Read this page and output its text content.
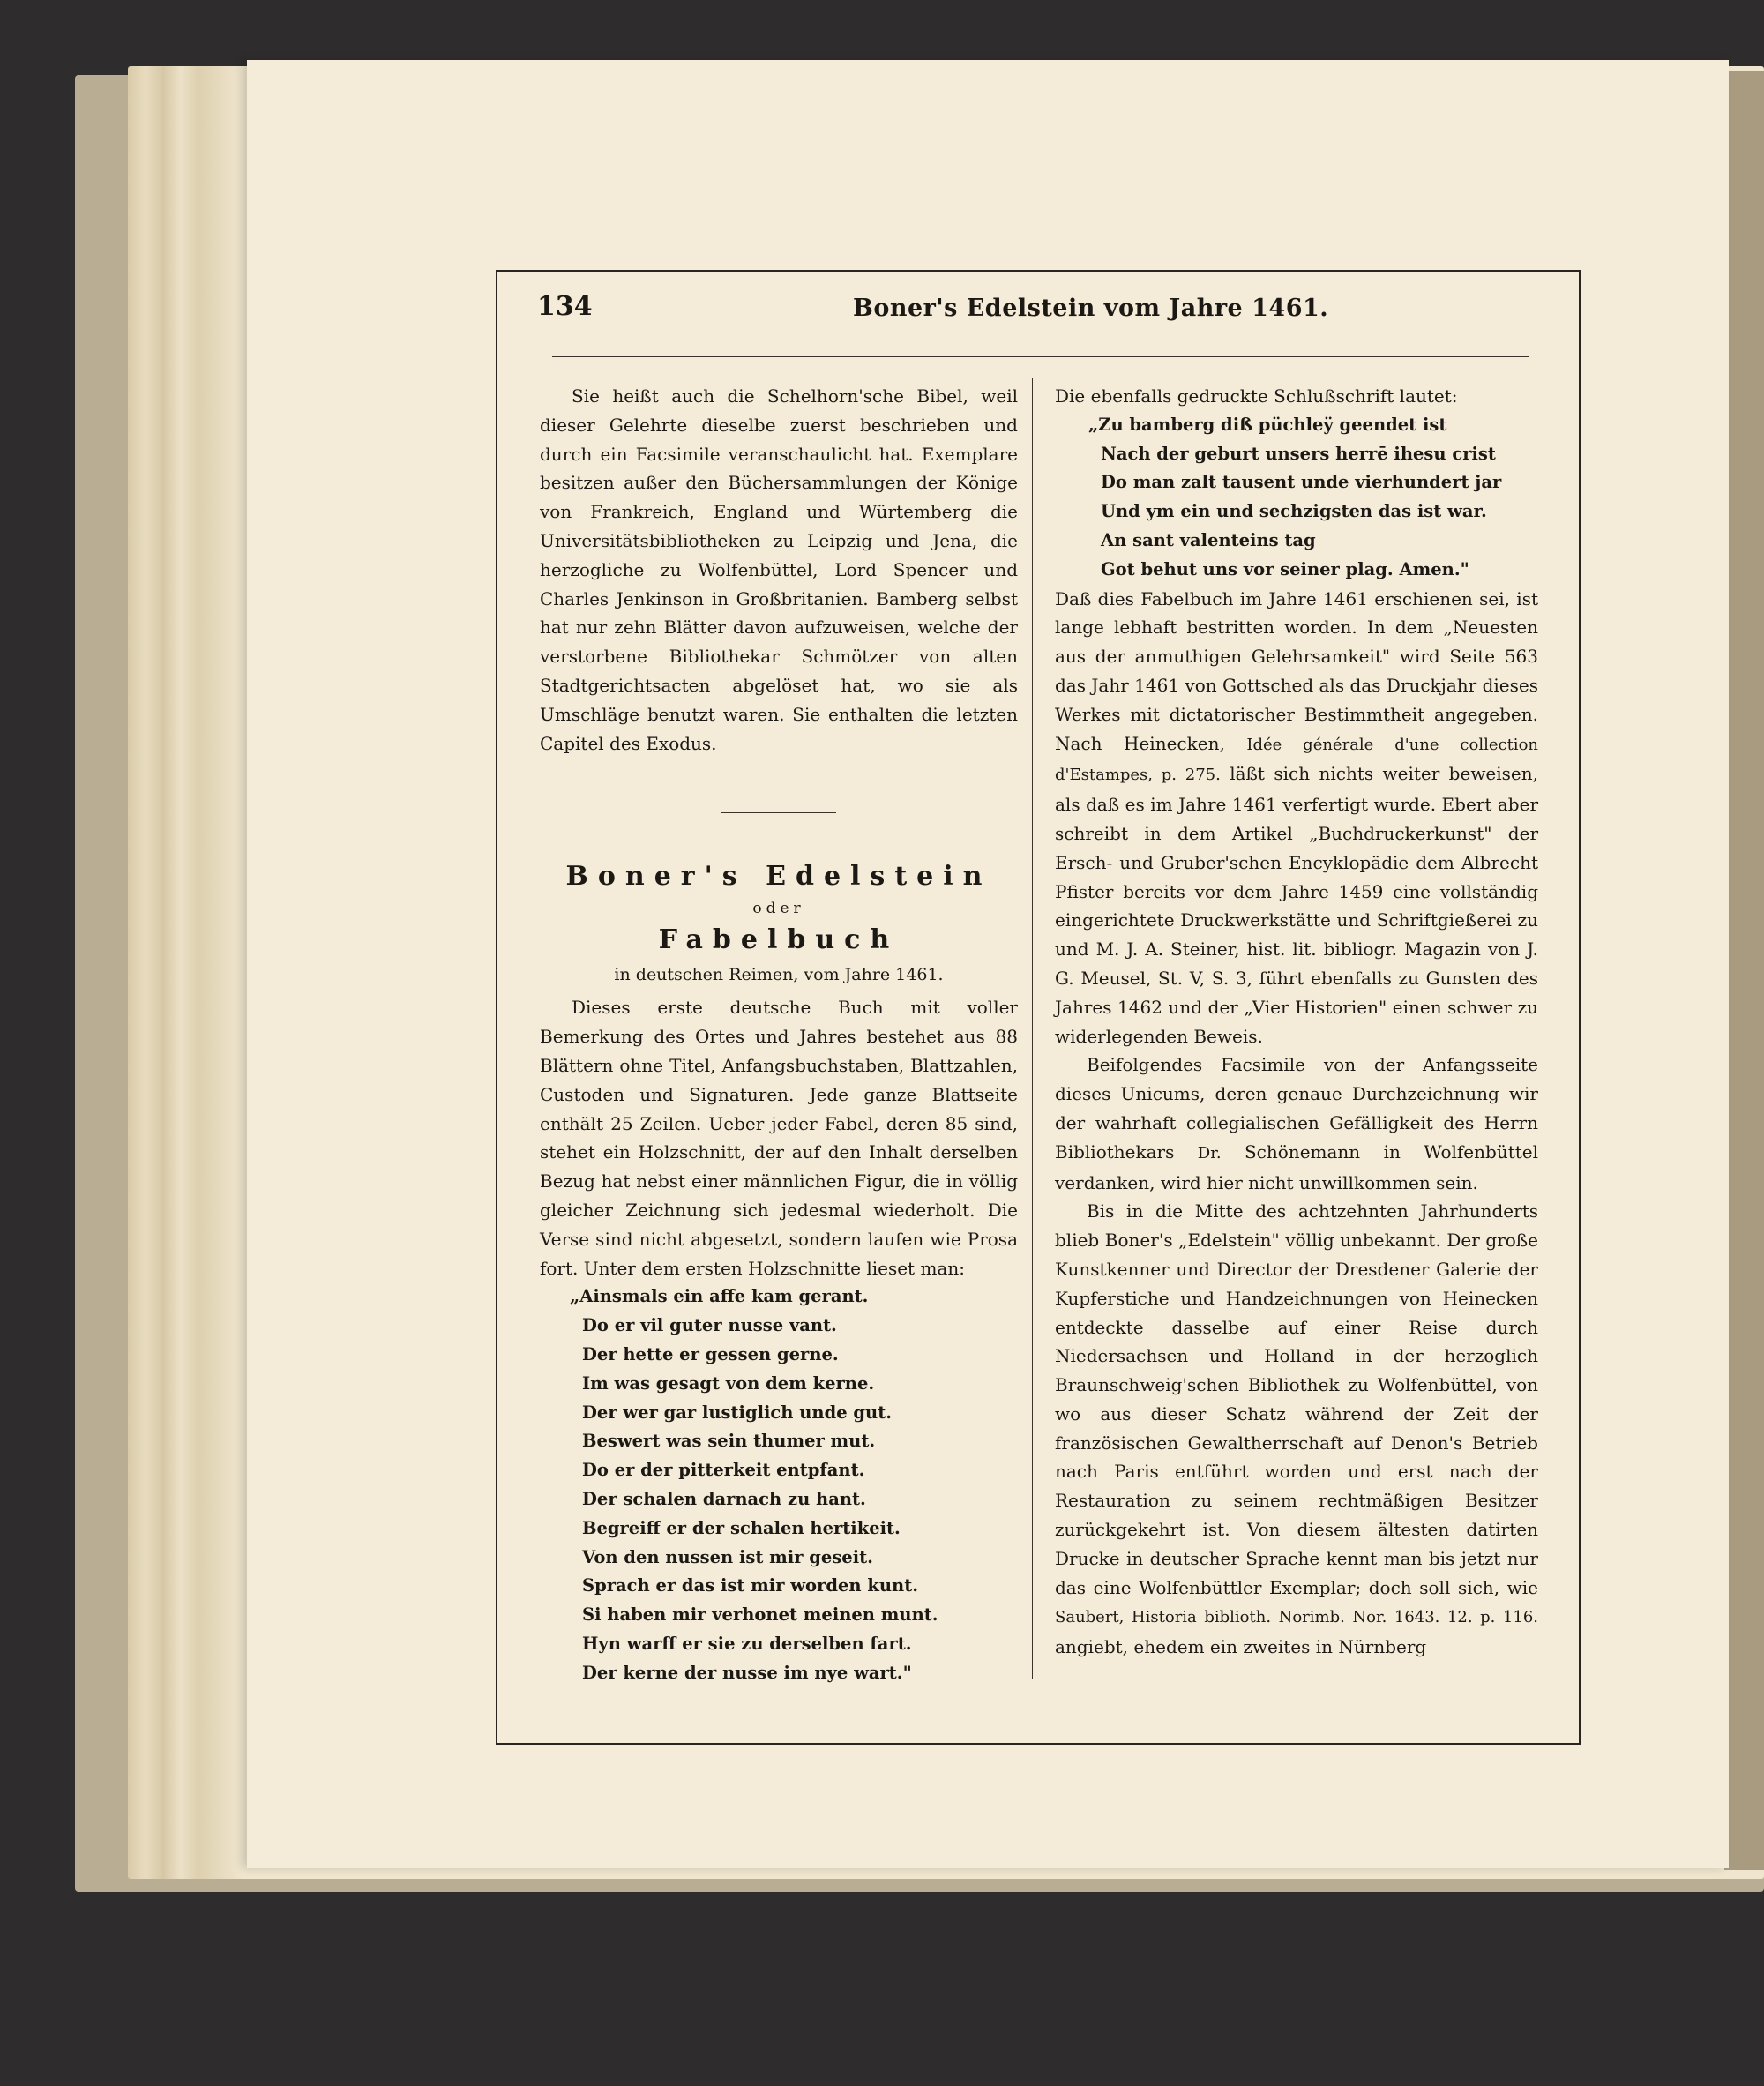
134	Boner's Edelstein vom Jahre 1461.

Sie heißt auch die Schelhorn'sche Bibel, weil dieser Gelehrte dieselbe zuerst beschrieben und durch ein Facsimile veranschaulicht hat. Exemplare besitzen außer den Büchersammlungen der Könige von Frankreich, England und Würtemberg die Universitätsbibliotheken zu Leipzig und Jena, die herzogliche zu Wolfenbüttel, Lord Spencer und Charles Jenkinson in Großbritanien. Bamberg selbst hat nur zehn Blätter davon aufzuweisen, welche der verstorbene Bibliothekar Schmötzer von alten Stadtgerichtsacten abgelöset hat, wo sie als Umschläge benutzt waren. Sie enthalten die letzten Capitel des Exodus.

Boner's Edelstein
oder
Fabelbuch
in deutschen Reimen, vom Jahre 1461.

Dieses erste deutsche Buch mit voller Bemerkung des Ortes und Jahres bestehet aus 88 Blättern ohne Titel, Anfangsbuchstaben, Blattzahlen, Custoden und Signaturen. Jede ganze Blattseite enthält 25 Zeilen. Ueber jeder Fabel, deren 85 sind, stehet ein Holzschnitt, der auf den Inhalt derselben Bezug hat nebst einer männlichen Figur, die in völlig gleicher Zeichnung sich jedesmal wiederholt. Die Verse sind nicht abgesetzt, sondern laufen wie Prosa fort. Unter dem ersten Holzschnitte lieset man:

„Ainsmals ein affe kam gerant.
Do er vil guter nusse vant.
Der hette er gessen gerne.
Im was gesagt von dem kerne.
Der wer gar lustiglich unde gut.
Beswert was sein thumer mut.
Do er der pitterkeit entpfant.
Der schalen darnach zu hant.
Begreiff er der schalen hertikeit.
Von den nussen ist mir geseit.
Sprach er das ist mir worden kunt.
Si haben mir verhonet meinen munt.
Hyn warff er sie zu derselben fart.
Der kerne der nusse im nye wart."

Die ebenfalls gedruckte Schlußschrift lautet:

„Zu bamberg diß püchleÿ geendet ist
Nach der geburt unsers herrē ihesu crist
Do man zalt tausent unde vierhundert jar
Und ym ein und sechzigsten das ist war.
An sant valenteins tag
Got behut uns vor seiner plag. Amen."

Daß dies Fabelbuch im Jahre 1461 erschienen sei, ist lange lebhaft bestritten worden. In dem „Neuesten aus der anmuthigen Gelehrsamkeit" wird Seite 563 das Jahr 1461 von Gottsched als das Druckjahr dieses Werkes mit dictatorischer Bestimmtheit angegeben. Nach Heinecken, Idée générale d'une collection d'Estampes, p. 275. läßt sich nichts weiter beweisen, als daß es im Jahre 1461 verfertigt wurde. Ebert aber schreibt in dem Artikel „Buchdruckerkunst" der Ersch- und Gruber'schen Encyklopädie dem Albrecht Pfister bereits vor dem Jahre 1459 eine vollständig eingerichtete Druckwerkstätte und Schriftgießerei zu und M. J. A. Steiner, hist. lit. bibliogr. Magazin von J. G. Meusel, St. V, S. 3, führt ebenfalls zu Gunsten des Jahres 1462 und der „Vier Historien" einen schwer zu widerlegenden Beweis.

Beifolgendes Facsimile von der Anfangsseite dieses Unicums, deren genaue Durchzeichnung wir der wahrhaft collegialischen Gefälligkeit des Herrn Bibliothekars Dr. Schönemann in Wolfenbüttel verdanken, wird hier nicht unwillkommen sein.

Bis in die Mitte des achtzehnten Jahrhunderts blieb Boner's „Edelstein" völlig unbekannt. Der große Kunstkenner und Director der Dresdener Galerie der Kupferstiche und Handzeichnungen von Heinecken entdeckte dasselbe auf einer Reise durch Niedersachsen und Holland in der herzoglich Braunschweig'schen Bibliothek zu Wolfenbüttel, von wo aus dieser Schatz während der Zeit der französischen Gewaltherrschaft auf Denon's Betrieb nach Paris entführt worden und erst nach der Restauration zu seinem rechtmäßigen Besitzer zurückgekehrt ist. Von diesem ältesten datirten Drucke in deutscher Sprache kennt man bis jetzt nur das eine Wolfenbüttler Exemplar; doch soll sich, wie Saubert, Historia biblioth. Norimb. Nor. 1643. 12. p. 116. angiebt, ehedem ein zweites in Nürnberg
